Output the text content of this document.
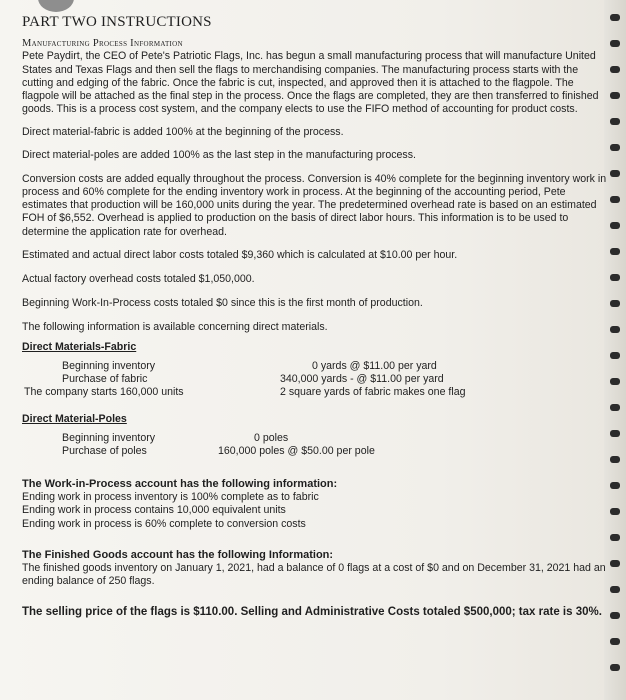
PART TWO INSTRUCTIONS
Manufacturing Process Information

Pete Paydirt, the CEO of Pete's Patriotic Flags, Inc. has begun a small manufacturing process that will manufacture United States and Texas Flags and then sell the flags to merchandising companies. The manufacturing process starts with the cutting and edging of the fabric. Once the fabric is cut, inspected, and approved then it is attached to the flagpole. The flagpole will be attached as the final step in the process. Once the flags are completed, they are then transferred to finished goods. This is a process cost system, and the company elects to use the FIFO method of accounting for product costs.

Direct material-fabric is added 100% at the beginning of the process.

Direct material-poles are added 100% as the last step in the manufacturing process.

Conversion costs are added equally throughout the process. Conversion is 40% complete for the beginning inventory work in process and 60% complete for the ending inventory work in process. At the beginning of the accounting period, Pete estimates that production will be 160,000 units during the year. The predetermined overhead rate is based on an estimated FOH of $6,552. Overhead is applied to production on the basis of direct labor hours. This information is to be used to determine the application rate for overhead.

Estimated and actual direct labor costs totaled $9,360 which is calculated at $10.00 per hour.

Actual factory overhead costs totaled $1,050,000.

Beginning Work-In-Process costs totaled $0 since this is the first month of production.

The following information is available concerning direct materials.

Direct Materials-Fabric
Beginning inventory	0 yards @ $11.00 per yard
Purchase of fabric	340,000 yards - @ $11.00 per yard
The company starts 160,000 units	2 square yards of fabric makes one flag
Direct Material-Poles
Beginning inventory	0 poles
Purchase of poles	160,000 poles @ $50.00 per pole
The Work-in-Process account has the following information:
Ending work in process inventory is 100% complete as to fabric
Ending work in process contains 10,000 equivalent units
Ending work in process is 60% complete to conversion costs
The Finished Goods account has the following Information:
The finished goods inventory on January 1, 2021, had a balance of 0 flags at a cost of $0 and on December 31, 2021 had an ending balance of 250 flags.
The selling price of the flags is $110.00. Selling and Administrative Costs totaled $500,000; tax rate is 30%.
